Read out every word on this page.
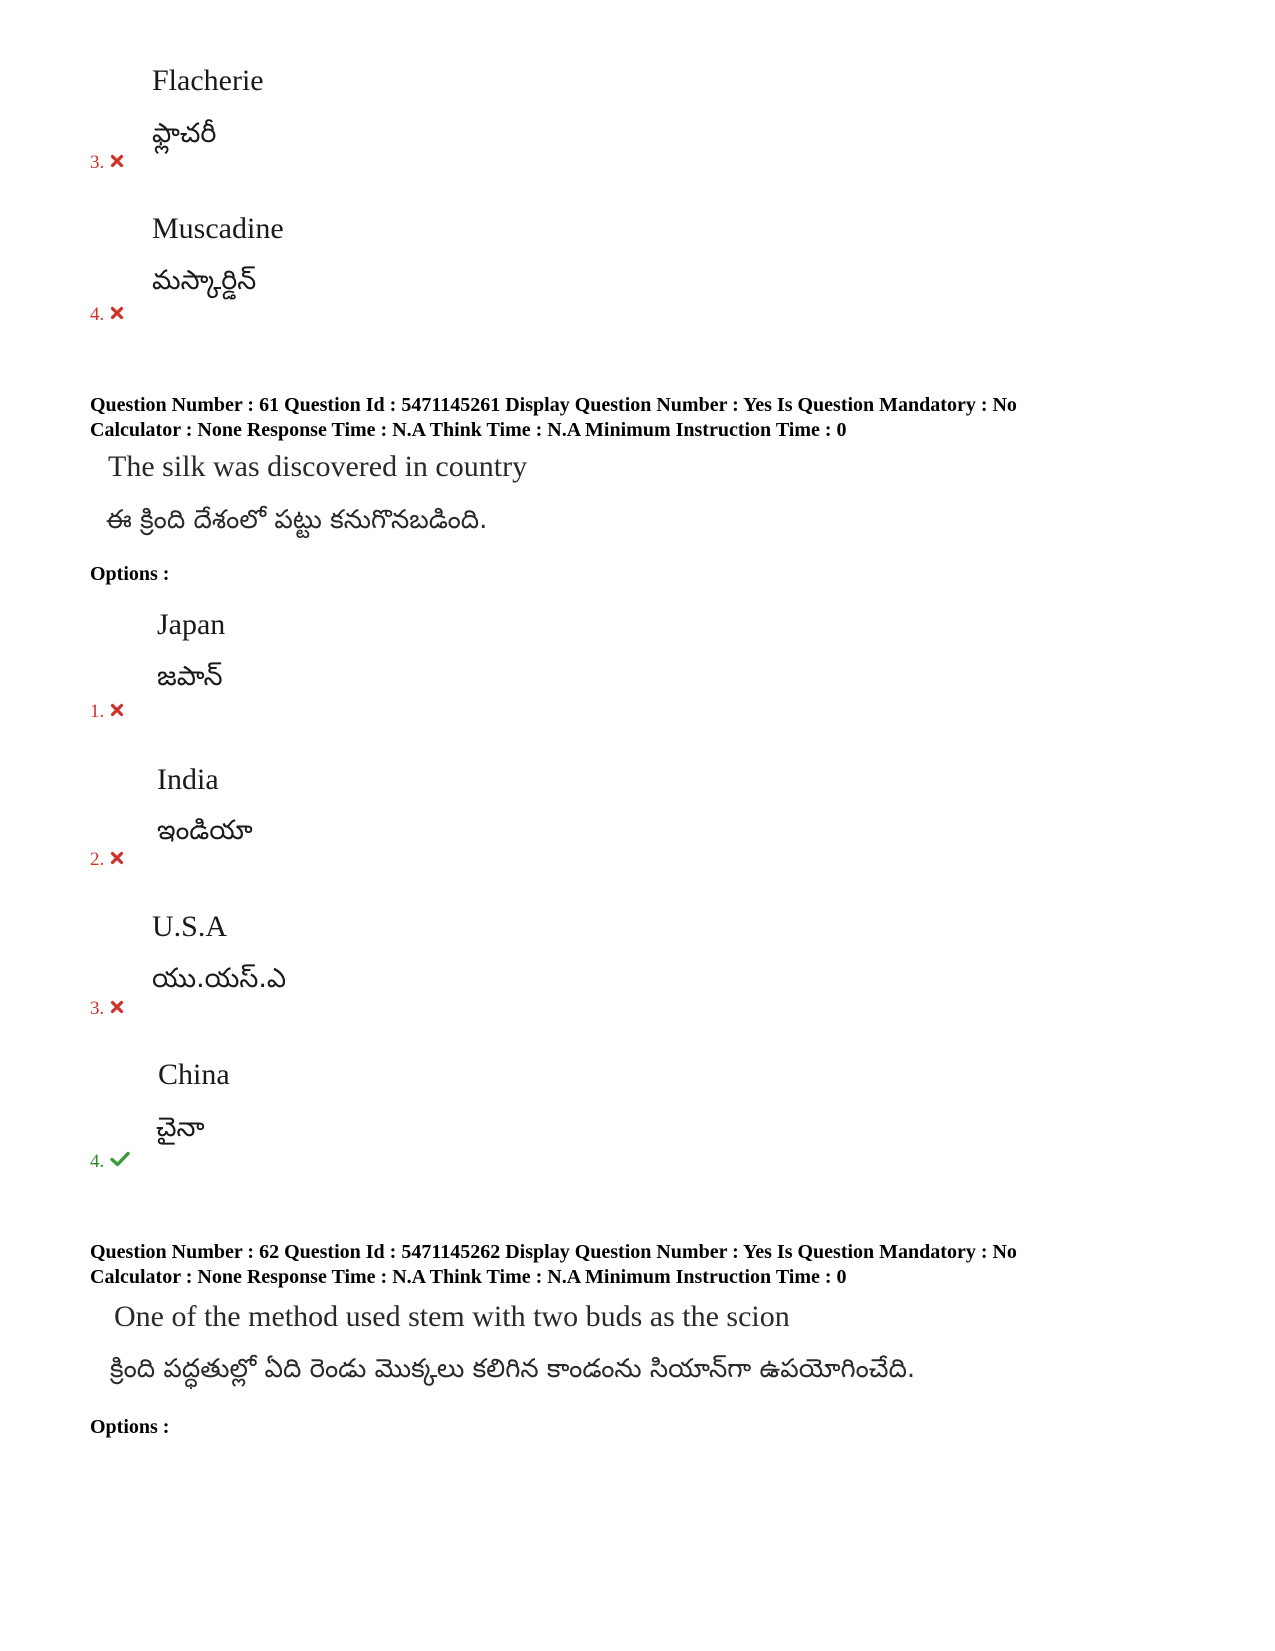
Flacherie
ఫ్లాచరీ
3.
Muscadine
మస్కార్డిన్
4.
Question Number : 61 Question Id : 5471145261 Display Question Number : Yes Is Question Mandatory : No
Calculator : None Response Time : N.A Think Time : N.A Minimum Instruction Time : 0
The silk was discovered in country
ఈ క్రింది దేశంలో పట్టు కనుగొనబడింది.
Options :
Japan
జపాన్
1.
India
ఇండియా
2.
U.S.A
యు.యస్.ఎ
3.
China
చైనా
4.
Question Number : 62 Question Id : 5471145262 Display Question Number : Yes Is Question Mandatory : No
Calculator : None Response Time : N.A Think Time : N.A Minimum Instruction Time : 0
One of the method used stem with two buds as the scion
క్రింది పద్ధతుల్లో ఏది రెండు మొక్కలు కలిగిన కాండంను సియాన్‌గా ఉపయోగించేది.
Options :
